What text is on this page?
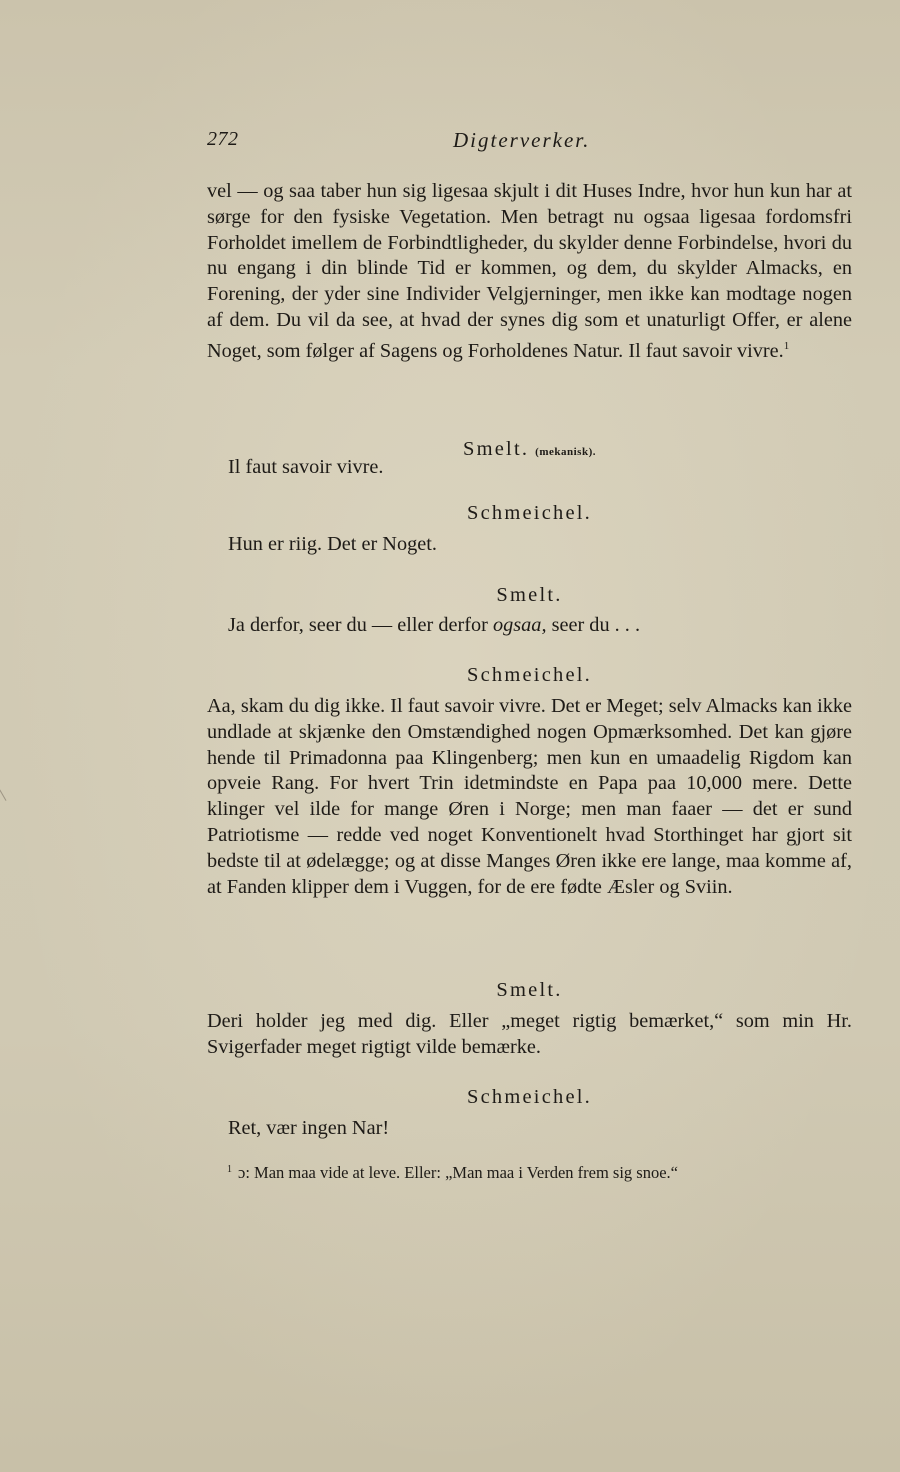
272	Digterverker.

vel — og saa taber hun sig ligesaa skjult i dit Huses Indre, hvor hun kun har at sørge for den fysiske Vegetation. Men betragt nu ogsaa ligesaa fordomsfri Forholdet imellem de Forbindtligheder, du skylder denne Forbindelse, hvori du nu engang i din blinde Tid er kommen, og dem, du skylder Almacks, en Forening, der yder sine Individer Velgjerninger, men ikke kan modtage nogen af dem. Du vil da see, at hvad der synes dig som et unaturligt Offer, er alene Noget, som følger af Sagens og Forholdenes Natur. Il faut savoir vivre.$^1$

Smelt. (mekanisk).
Il faut savoir vivre.
Schmeichel.
Hun er riig. Det er Noget.
Smelt.
Ja derfor, seer du — eller derfor ogsaa, seer du . . .
Schmeichel.

Aa, skam du dig ikke. Il faut savoir vivre. Det er Meget; selv Almacks kan ikke undlade at skjænke den Omstændighed nogen Opmærksomhed. Det kan gjøre hende til Primadonna paa Klingenberg; men kun en umaadelig Rigdom kan opveie Rang. For hvert Trin idetmindste en Papa paa 10,000 mere. Dette klinger vel ilde for mange Øren i Norge; men man faaer — det er sund Patriotisme — redde ved noget Konventionelt hvad Storthinget har gjort sit bedste til at ødelægge; og at disse Manges Øren ikke ere lange, maa komme af, at Fanden klipper dem i Vuggen, for de ere fødte Æsler og Sviin.

Smelt.

Deri holder jeg med dig. Eller „meget rigtig bemærket,“ som min Hr. Svigerfader meget rigtigt vilde bemærke.

Schmeichel.
Ret, vær ingen Nar!
$^1$ ɔ: Man maa vide at leve. Eller: „Man maa i Verden frem sig snoe.“
